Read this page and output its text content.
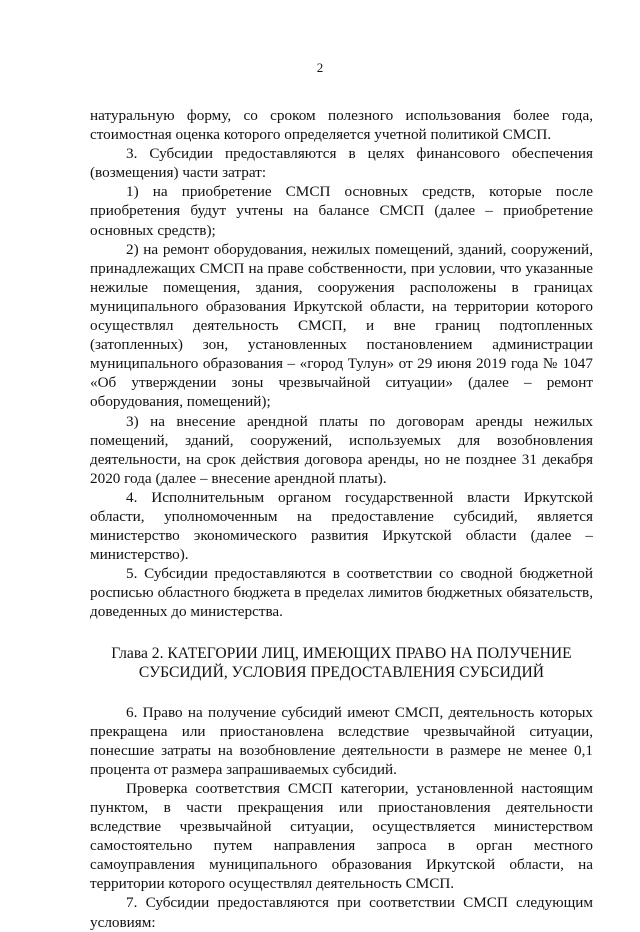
2

натуральную форму, со сроком полезного использования более года, стоимостная оценка которого определяется учетной политикой СМСП.

3. Субсидии предоставляются в целях финансового обеспечения (возмещения) части затрат:

1) на приобретение СМСП основных средств, которые после приобретения будут учтены на балансе СМСП (далее – приобретение основных средств);

2) на ремонт оборудования, нежилых помещений, зданий, сооружений, принадлежащих СМСП на праве собственности, при условии, что указанные нежилые помещения, здания, сооружения расположены в границах муниципального образования Иркутской области, на территории которого осуществлял деятельность СМСП, и вне границ подтопленных (затопленных) зон, установленных постановлением администрации муниципального образования – «город Тулун» от 29 июня 2019 года № 1047 «Об утверждении зоны чрезвычайной ситуации» (далее – ремонт оборудования, помещений);

3) на внесение арендной платы по договорам аренды нежилых помещений, зданий, сооружений, используемых для возобновления деятельности, на срок действия договора аренды, но не позднее 31 декабря 2020 года (далее – внесение арендной платы).

4. Исполнительным органом государственной власти Иркутской области, уполномоченным на предоставление субсидий, является министерство экономического развития Иркутской области (далее – министерство).

5. Субсидии предоставляются в соответствии со сводной бюджетной росписью областного бюджета в пределах лимитов бюджетных обязательств, доведенных до министерства.

Глава 2. КАТЕГОРИИ ЛИЦ, ИМЕЮЩИХ ПРАВО НА ПОЛУЧЕНИЕ
СУБСИДИЙ, УСЛОВИЯ ПРЕДОСТАВЛЕНИЯ СУБСИДИЙ

6. Право на получение субсидий имеют СМСП, деятельность которых прекращена или приостановлена вследствие чрезвычайной ситуации, понесшие затраты на возобновление деятельности в размере не менее 0,1 процента от размера запрашиваемых субсидий.

Проверка соответствия СМСП категории, установленной настоящим пунктом, в части прекращения или приостановления деятельности вследствие чрезвычайной ситуации, осуществляется министерством самостоятельно путем направления запроса в орган местного самоуправления муниципального образования Иркутской области, на территории которого осуществлял деятельность СМСП.

7. Субсидии предоставляются при соответствии СМСП следующим условиям:
